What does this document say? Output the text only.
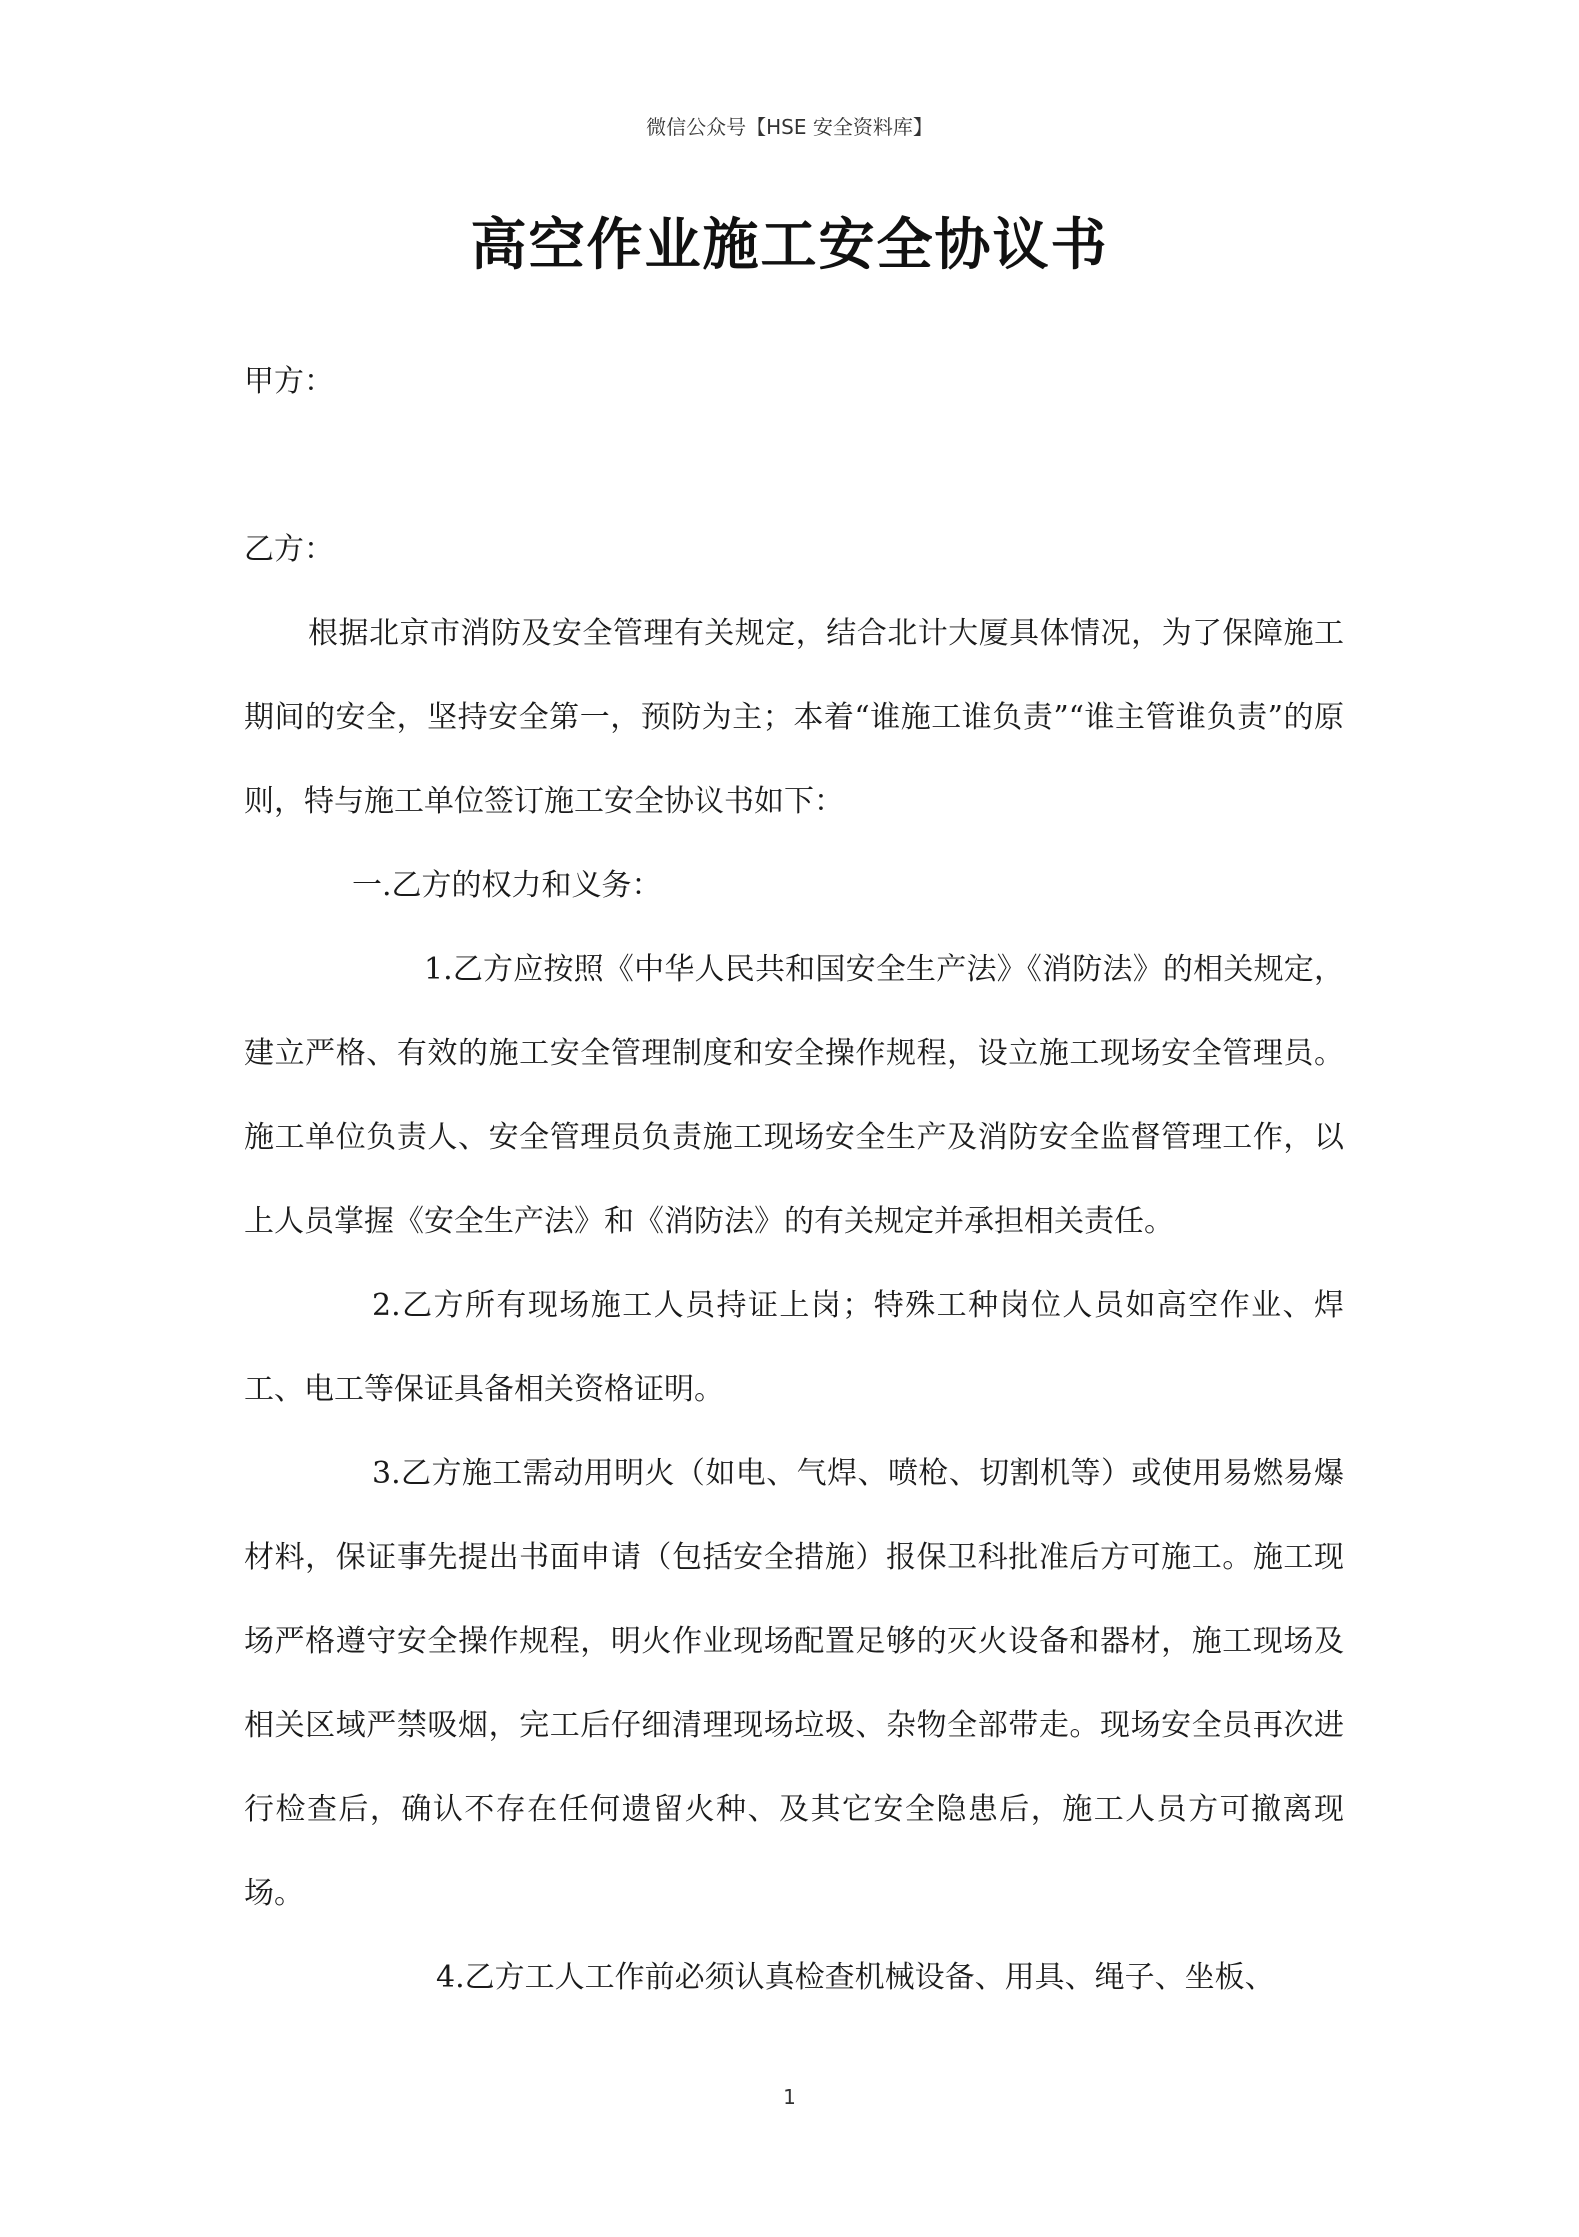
微信公众号【HSE 安全资料库】
高空作业施工安全协议书

甲方：

乙方：

根据北京市消防及安全管理有关规定，结合北计大厦具体情况，为了保障施工期间的安全，坚持安全第一，预防为主；本着“谁施工谁负责”“谁主管谁负责”的原则，特与施工单位签订施工安全协议书如下：

一.乙方的权力和义务：

1.乙方应按照《中华人民共和国安全生产法》《消防法》的相关规定，建立严格、有效的施工安全管理制度和安全操作规程，设立施工现场安全管理员。施工单位负责人、安全管理员负责施工现场安全生产及消防安全监督管理工作，以上人员掌握《安全生产法》和《消防法》的有关规定并承担相关责任。

2.乙方所有现场施工人员持证上岗；特殊工种岗位人员如高空作业、焊工、电工等保证具备相关资格证明。

3.乙方施工需动用明火（如电、气焊、喷枪、切割机等）或使用易燃易爆材料，保证事先提出书面申请（包括安全措施）报保卫科批准后方可施工。施工现场严格遵守安全操作规程，明火作业现场配置足够的灭火设备和器材，施工现场及相关区域严禁吸烟，完工后仔细清理现场垃圾、杂物全部带走。现场安全员再次进行检查后，确认不存在任何遗留火种、及其它安全隐患后，施工人员方可撤离现场。

4.乙方工人工作前必须认真检查机械设备、用具、绳子、坐板、

1
